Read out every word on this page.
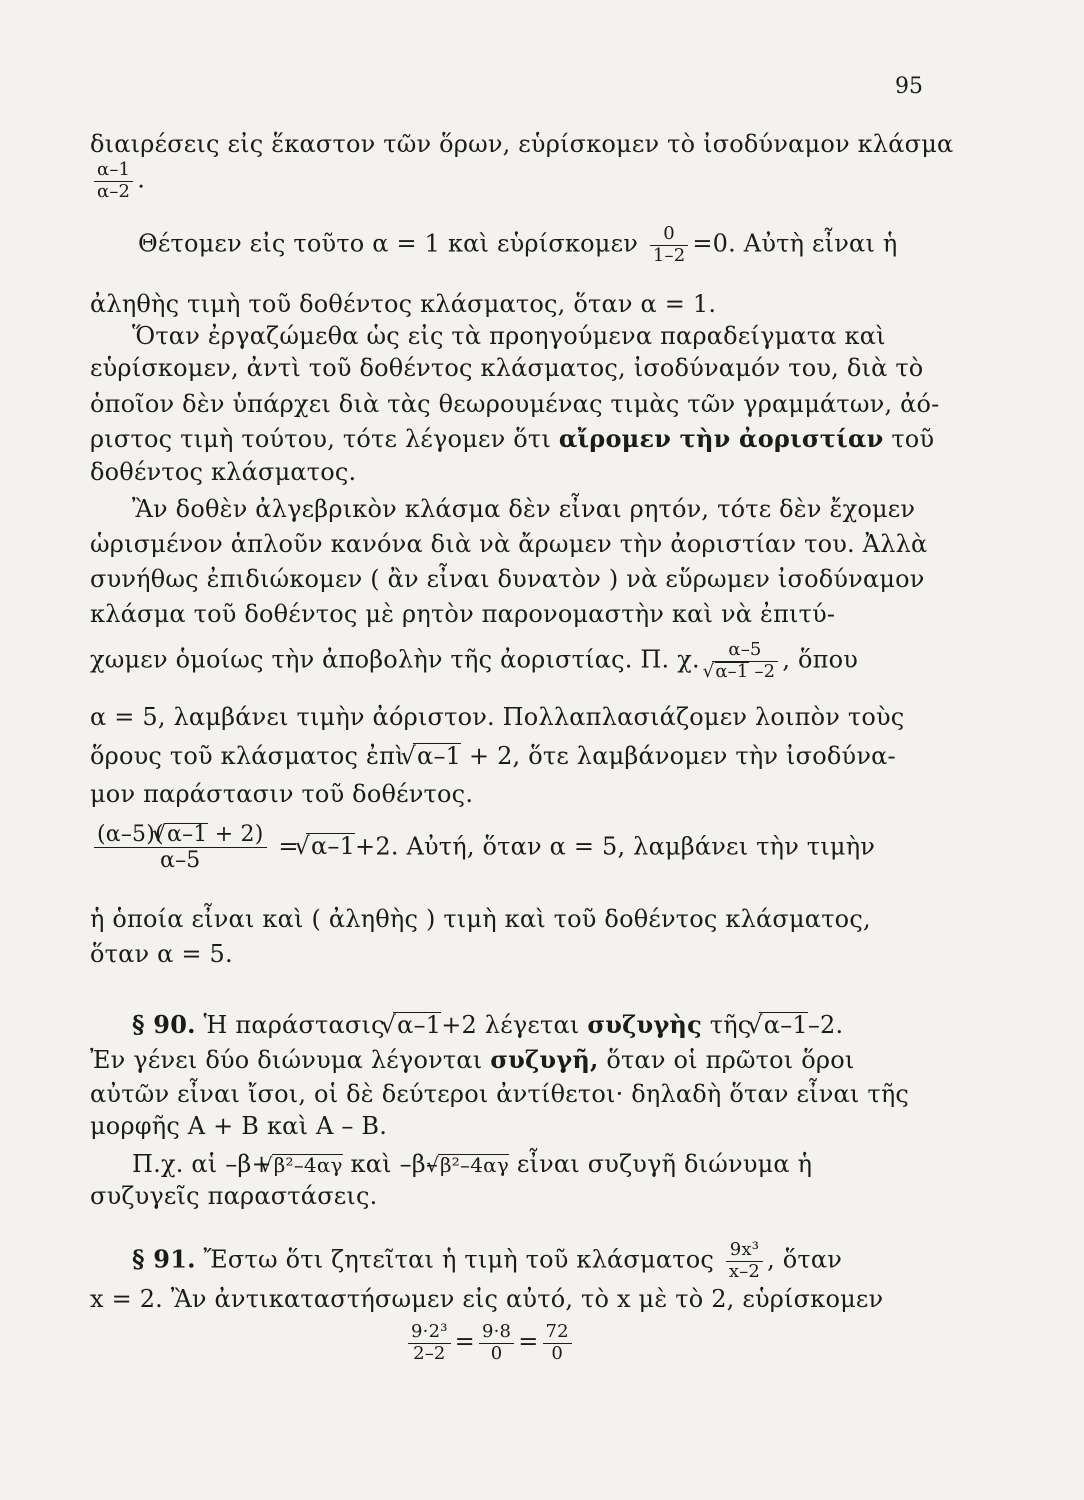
95
διαιρέσεις εἰς ἕκαστον τῶν ὅρων, εὑρίσκομεν τὸ ἰσοδύναμον κλάσμα
$\frac{\alpha-1}{\alpha-2}$ .
Θέτομεν εἰς τοῦτο α = 1 καὶ εὑρίσκομεν $\frac{0}{1-2} =0$. Αὐτὴ εἶναι ἡ
ἀληθὴς τιμὴ τοῦ δοθέντος κλάσματος, ὅταν α = 1.
Ὅταν ἐργαζώμεθα ὡς εἰς τὰ προηγούμενα παραδείγματα καὶ
εὑρίσκομεν, ἀντὶ τοῦ δοθέντος κλάσματος, ἰσοδύναμόν του, διὰ τὸ
ὁποῖον δὲν ὑπάρχει διὰ τὰς θεωρουμένας τιμὰς τῶν γραμμάτων, ἀό-
ριστος τιμὴ τούτου, τότε λέγομεν ὅτι αἴρομεν τὴν ἀοριστίαν τοῦ
δοθέντος κλάσματος.
Ἂν δοθὲν ἀλγεβρικὸν κλάσμα δὲν εἶναι ρητόν, τότε δὲν ἔχομεν
ὡρισμένον ἁπλοῦν κανόνα διὰ νὰ ἄρωμεν τὴν ἀοριστίαν του. Ἀλλὰ
συνήθως ἐπιδιώκομεν ( ἂν εἶναι δυνατὸν ) νὰ εὕρωμεν ἰσοδύναμον
κλάσμα τοῦ δοθέντος μὲ ρητὸν παρονομαστὴν καὶ νὰ ἐπιτύ-
χωμεν ὁμοίως τὴν ἀποβολὴν τῆς ἀοριστίας. Π. χ. α–5
√ α–1 –2 , ὅπου
α = 5, λαμβάνει τιμὴν ἀόριστον. Πολλαπλασιάζομεν λοιπὸν τοὺς
ὅρους τοῦ κλάσματος ἐπὶ √ α–1 + 2, ὅτε λαμβάνομεν τὴν ἰσοδύνα-
μον παράστασιν τοῦ δοθέντος.
$\frac{(\alpha-5)( √ \alpha-1 + 2)}{\alpha-5}$ = √ α–1+2. Αὐτή, ὅταν α = 5, λαμβάνει τὴν τιμὴν
ἡ ὁποία εἶναι καὶ ( ἀληθὴς ) τιμὴ καὶ τοῦ δοθέντος κλάσματος,
ὅταν α = 5.
§ 90. Ἡ παράστασις √ α–1+2 λέγεται συζυγὴς τῆς √ α–1–2.
Ἐν γένει δύο διώνυμα λέγονται συζυγῆ, ὅταν οἱ πρῶτοι ὅροι
αὐτῶν εἶναι ἴσοι, οἱ δὲ δεύτεροι ἀντίθετοι· δηλαδὴ ὅταν εἶναι τῆς
μορφῆς Α + Β καὶ Α – Β.
Π.χ. αἱ –β+√ β²–4αγ καὶ –β–√ β²–4αγ εἶναι συζυγῆ διώνυμα ἡ
συζυγεῖς παραστάσεις.
§ 91. Ἔστω ὅτι ζητεῖται ἡ τιμὴ τοῦ κλάσματος $\frac{\text{9x³}}{x-2}$ , ὅταν
x = 2. Ἂν ἀντικαταστήσωμεν εἰς αὐτό, τὸ x μὲ τὸ 2, εὑρίσκομεν
$\frac{\text{9·2³}}{2-2} = \frac{9\cdot 8}{0} = \frac{72}{0}$
